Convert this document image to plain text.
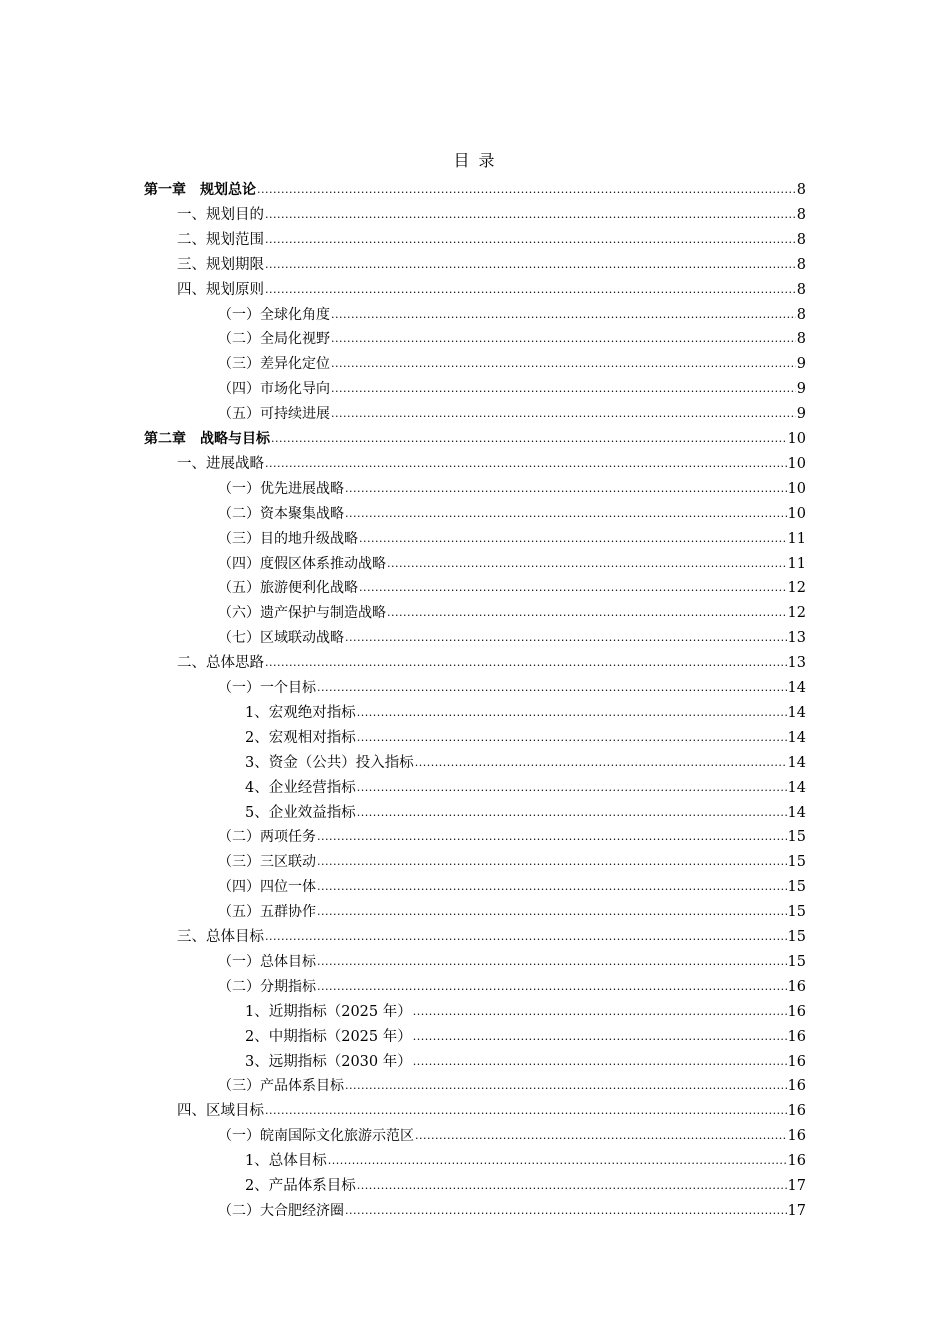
目 录
第一章　规划总论 .....	8
一、规划目的 .....	8
二、规划范围 .....	8
三、规划期限 .....	8
四、规划原则 .....	8
（一）全球化角度 .....	8
（二）全局化视野 .....	8
（三）差异化定位 .....	9
（四）市场化导向 .....	9
（五）可持续进展 .....	9
第二章　战略与目标 .....	10
一、进展战略 .....	10
（一）优先进展战略 .....	10
（二）资本聚集战略 .....	10
（三）目的地升级战略 .....	11
（四）度假区体系推动战略 .....	11
（五）旅游便利化战略 .....	12
（六）遗产保护与制造战略 .....	12
（七）区域联动战略 .....	13
二、总体思路 .....	13
（一）一个目标 .....	14
1、宏观绝对指标 .....	14
2、宏观相对指标 .....	14
3、资金（公共）投入指标 .....	14
4、企业经营指标 .....	14
5、企业效益指标 .....	14
（二）两项任务 .....	15
（三）三区联动 .....	15
（四）四位一体 .....	15
（五）五群协作 .....	15
三、总体目标 .....	15
（一）总体目标 .....	15
（二）分期指标 .....	16
1、近期指标（2025 年） .....	16
2、中期指标（2025 年） .....	16
3、远期指标（2030 年） .....	16
（三）产品体系目标 .....	16
四、区域目标 .....	16
（一）皖南国际文化旅游示范区 .....	16
1、总体目标 .....	16
2、产品体系目标 .....	17
（二）大合肥经济圈 .....	17
